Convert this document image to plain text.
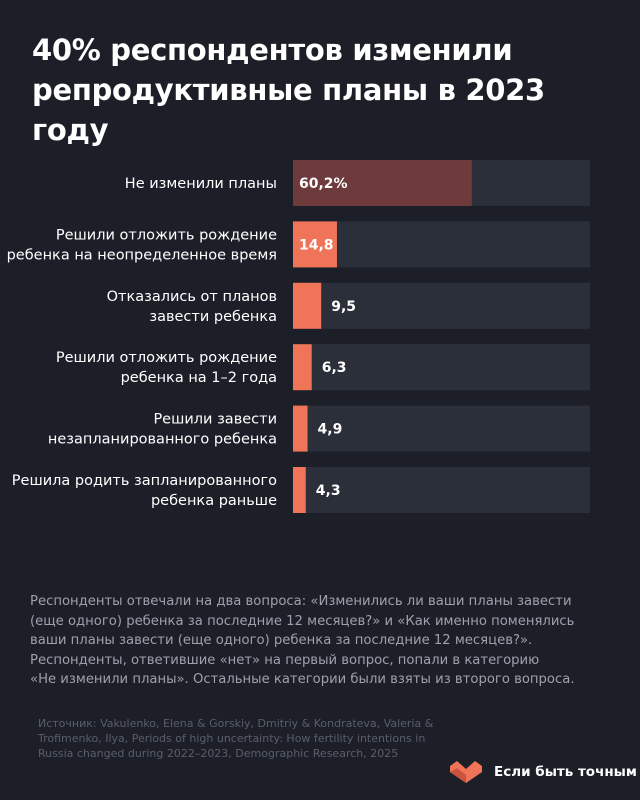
40% респондентов изменили
репродуктивные планы в 2023 году
60,2%
Не изменили планы
14,8
Решили отложить рождение ребенка на неопределенное время
9,5
Отказались от планов завести ребенка
6,3
Решили отложить рождение ребенка на 1–2 года
4,9
Решили завести незапланированного ребенка
4,3
Решила родить запланированного ребенка раньше
Респонденты отвечали на два вопроса: «Изменились ли ваши планы завести
(еще одного) ребенка за последние 12 месяцев?» и «Как именно поменялись
ваши планы завести (еще одного) ребенка за последние 12 месяцев?».
Респонденты, ответившие «нет» на первый вопрос, попали в категорию
«Не изменили планы». Остальные категории были взяты из второго вопроса.
Источник: Vakulenko, Elena & Gorskiy, Dmitriy & Kondrateva, Valeria &
Trofimenko, Ilya, Periods of high uncertainty: How fertility intentions in
Russia changed during 2022–2023, Demographic Research, 2025
Если быть точным
